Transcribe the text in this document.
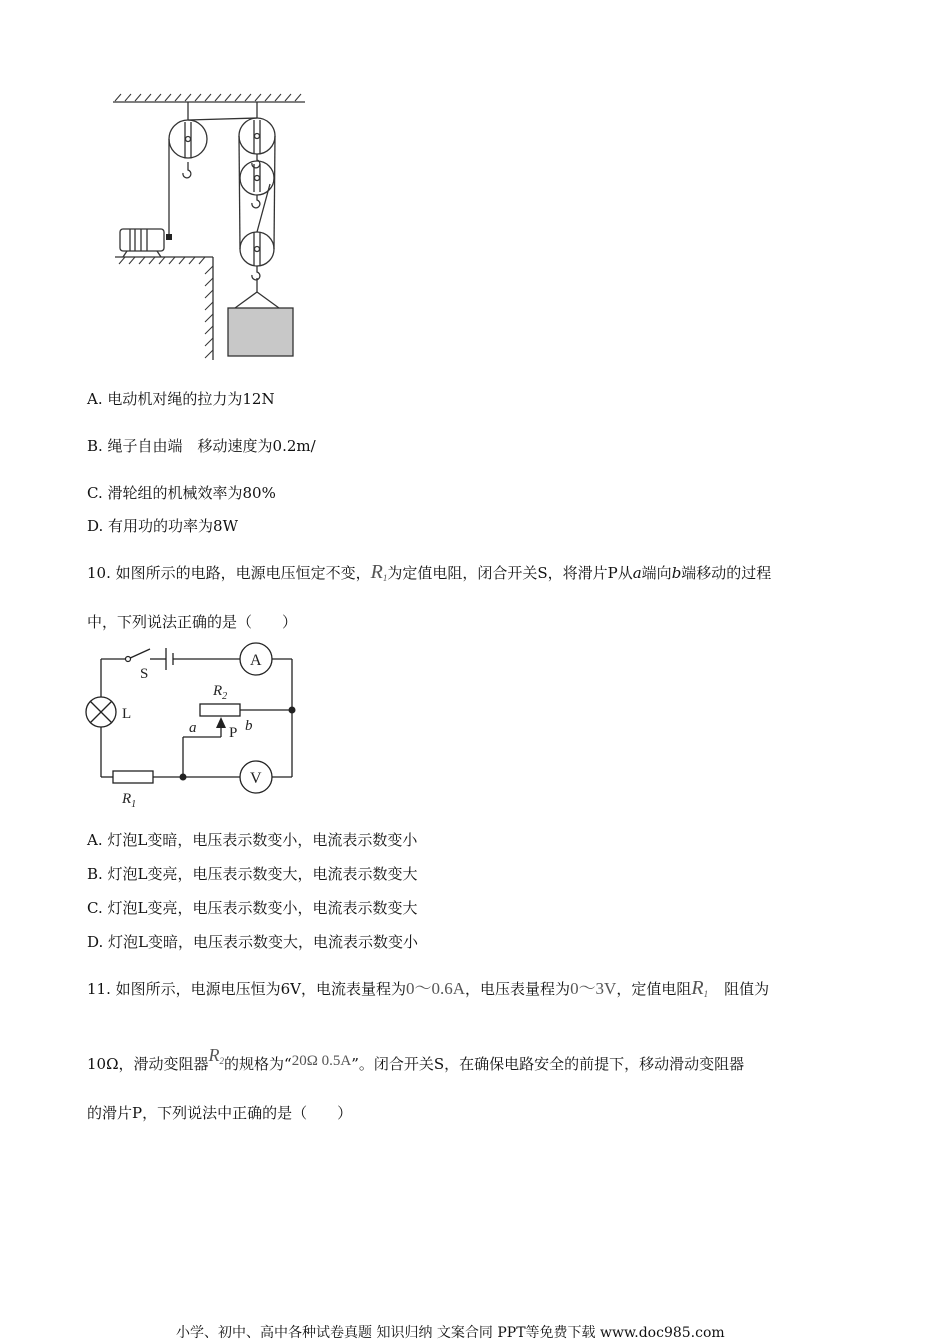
A. 电动机对绳的拉力为12N
B. 绳子自由端　移动速度为0.2m/
C. 滑轮组的机械效率为80%
D. 有用功的功率为8W
10. 如图所示的电路，电源电压恒定不变，R1为定值电阻，闭合开关S，将滑片P从a端向b端移动的过程
中，下列说法正确的是（　　）
S
A
V
L
$R_2$
$R_1$
a	b
P
A. 灯泡L变暗，电压表示数变小，电流表示数变小
B. 灯泡L变亮，电压表示数变大，电流表示数变大
C. 灯泡L变亮，电压表示数变小，电流表示数变大
D. 灯泡L变暗，电压表示数变大，电流表示数变小
11. 如图所示，电源电压恒为6V，电流表量程为0～0.6A，电压表量程为0～3V，定值电阻R1 阻值为
10Ω，滑动变阻器R2的规格为“20Ω 0.5A”。闭合开关S，在确保电路安全的前提下，移动滑动变阻器
的滑片P，下列说法中正确的是（　　）
小学、初中、高中各种试卷真题 知识归纳 文案合同 PPT等免费下载 www.doc985.com
